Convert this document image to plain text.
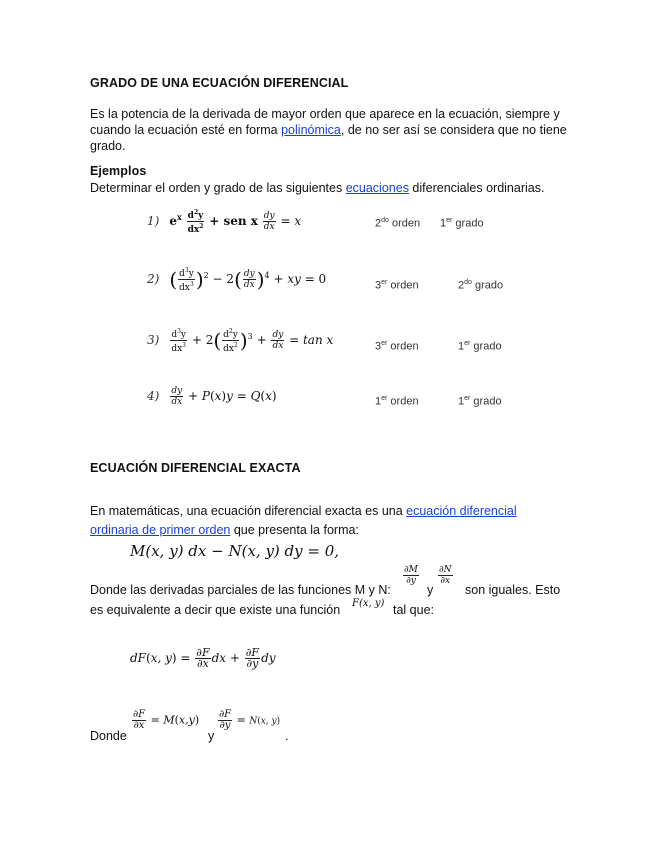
GRADO DE UNA ECUACIÓN DIFERENCIAL
Es la potencia de la derivada de mayor orden que aparece en la ecuación, siempre y cuando la ecuación esté en forma polinómica, de no ser así se considera que no tiene grado.
Ejemplos
Determinar el orden y grado de las siguientes ecuaciones diferenciales ordinarias.
1) $e^x \frac{d^2y}{dx^2}$ + sen x $\frac{dy}{dx} = x$	$2^{do}$ orden 1er grado
2) ( $\frac{d^3y}{dx^3} )^2 - 2( \frac{dy}{dx} )^4$ + xy = 0	3er orden	$2^{do}$ grado
$3) \frac{d^3y}{dx^3} + 2( \frac{d^2y}{dx^2} )^3 + \frac{dy}{dx} = \tan x$	3er orden	1er grado
$4) \frac{dy}{dx} + P(x)y = Q(x)$	1er orden	1er grado
ECUACIÓN DIFERENCIAL EXACTA
En matemáticas, una ecuación diferencial exacta es una ecuación diferencial ordinaria de primer orden que presenta la forma:
M(x, y) dx − N(x, y) dy = 0,
Donde las derivadas parciales de las funciones M y N:
$\frac{\partial M}{\partial y}$
y
$\frac{\partial N}{\partial x}$
son iguales. Esto
es equivalente a decir que existe una función F(x, y) tal que:
dF(x, $y) = \frac{\partial F}{\partial x}$ dx + $\frac{\partial F}{\partial y}$ dy
Donde
$\frac{\partial F}{\partial x} = M(x,y)$
y
$\frac{\partial F}{\partial y} = N(x$, y)
.
